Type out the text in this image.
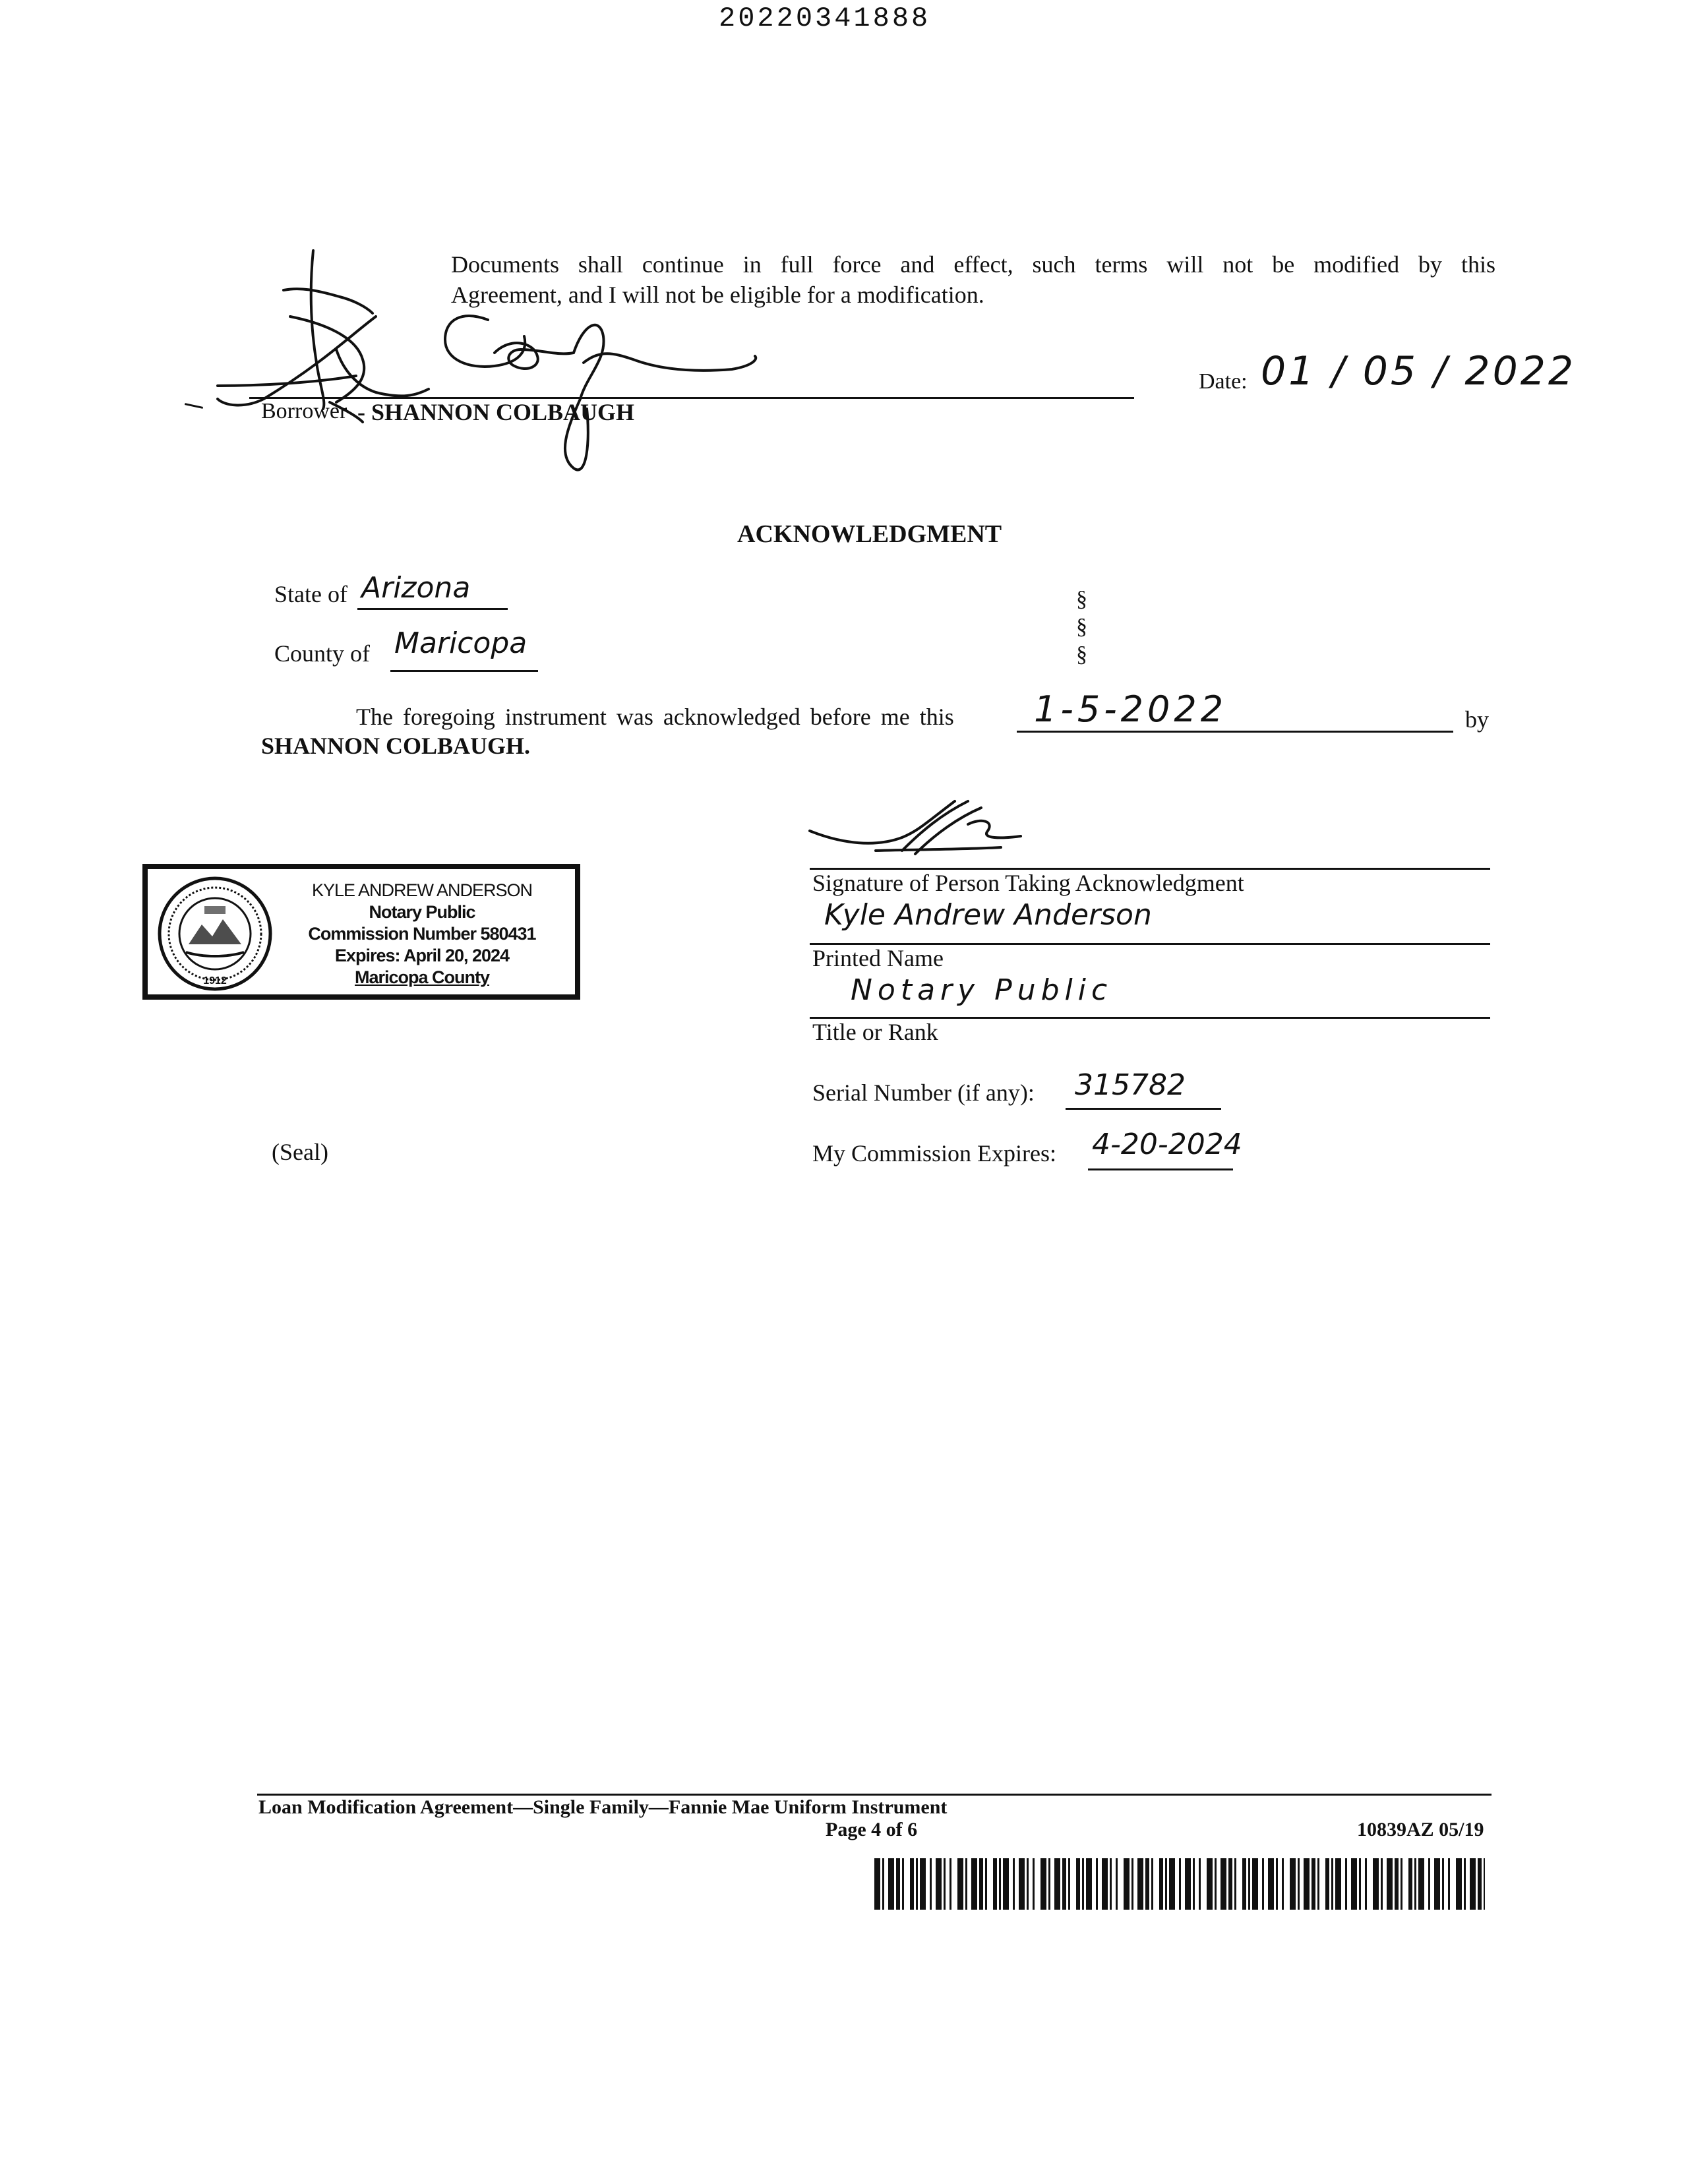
20220341888
Documents shall continue in full force and effect, such terms will not be modified by this
Agreement, and I will not be eligible for a modification.
Borrower - SHANNON COLBAUGH
Date: 01 / 05 / 2022
ACKNOWLEDGMENT
State of Arizona
County of Maricopa
§
§
§
The foregoing instrument was acknowledged before me this 1-5-2022	by
SHANNON COLBAUGH.
1912
KYLE ANDREW ANDERSON
Notary Public
Commission Number 580431
Expires: April 20, 2024
Maricopa County
Signature of Person Taking Acknowledgment
Kyle Andrew Anderson
Printed Name
Notary Public
Title or Rank
Serial Number (if any): 315782
(Seal)	My Commission Expires: 4-20-2024
Loan Modification Agreement—Single Family—Fannie Mae Uniform Instrument
Page 4 of 6	10839AZ 05/19
